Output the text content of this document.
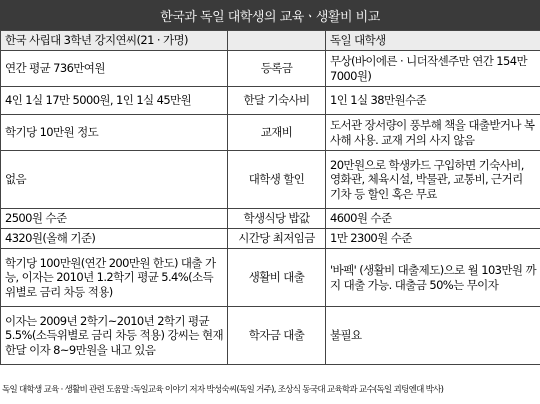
한국과 독일 대학생의 교육ㆍ생활비 비교
한국 사립대 3학년 강지연씨(21 · 가명)		독일 대학생
연간 평균 736만여원	등록금	무상(바이에른 · 니더작센주만 연간 154만 7000원)
4인 1실 17만 5000원, 1인 1실 45만원	한달 기숙사비	1인 1실 38만원수준
학기당 10만원 정도	교재비	도서관 장서량이 풍부해 책을 대출받거나 복사해 사용. 교재 거의 사지 않음
없음	대학생 할인	20만원으로 학생카드 구입하면 기숙사비, 영화관, 체육시설, 박물관, 교통비, 근거리 기차 등 할인 혹은 무료
2500원 수준	학생식당 밥값	4600원 수준
4320원(올해 기준)	시간당 최저임금	1만 2300원 수준
학기당 100만원(연간 200만원 한도) 대출 가능, 이자는 2010년 1.2학기 평균 5.4%(소득위별로 금리 차등 적용)	생활비 대출	'바펙' (생활비 대출제도)으로 월 103만원 까지 대출 가능. 대출금 50%는 무이자
이자는 2009년 2학기~2010년 2학기 평균 5.5%(소득위별로 금리 차등 적용) 강씨는 현재 한달 이자 8~9만원을 내고 있음	학자금 대출	불필요
독일 대학생 교육 · 생활비 관련 도움말 :독일교육 이야기 저자 박성숙씨(독일 거주), 조상식 동국대 교육학과 교수(독일 괴팅엔대 박사)
